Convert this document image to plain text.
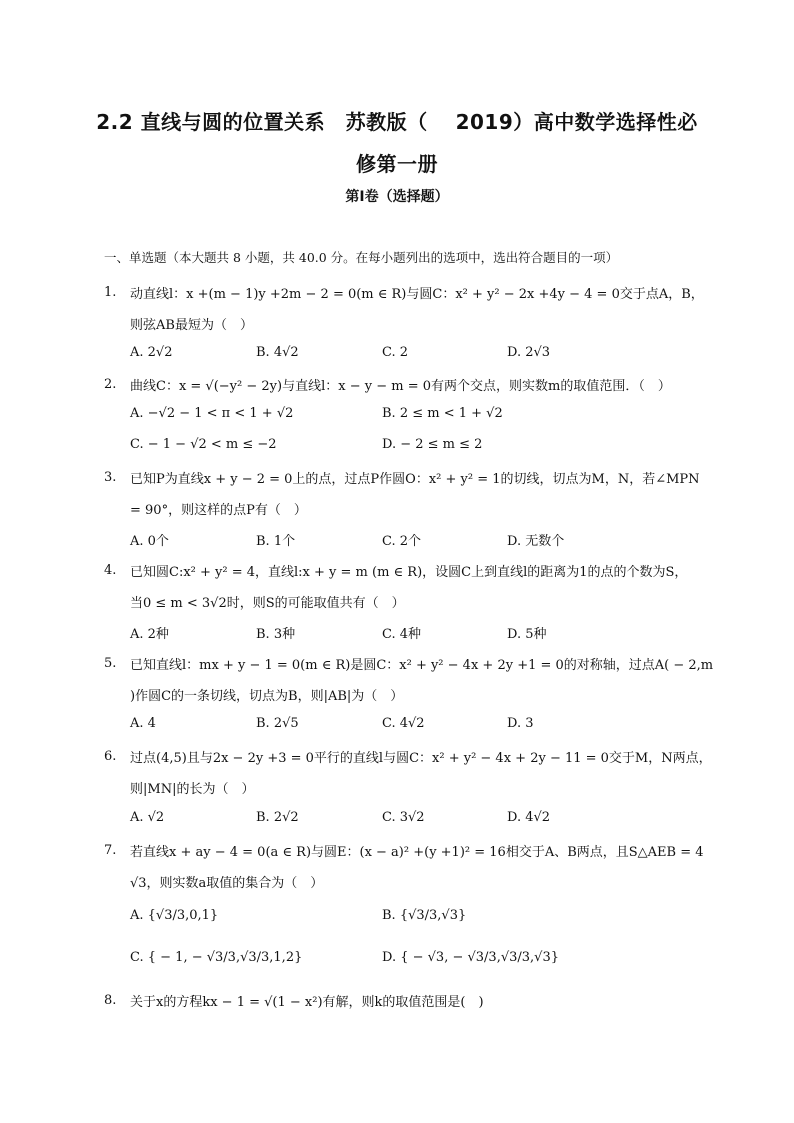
2.2 直线与圆的位置关系　苏教版（　 2019）高中数学选择性必
修第一册
第Ⅰ卷（选择题）
一、单选题（本大题共 8 小题，共 40.0 分。在每小题列出的选项中，选出符合题目的一项）
1. 动直线l：x +(m − 1)y +2m − 2 = 0(m ∈ R)与圆C：x² + y² − 2x +4y − 4 = 0交于点A，B，
则弦AB最短为（　）
A. 2√2	B. 4√2	C. 2	D. 2√3
2. 曲线C：x = √(−y² − 2y)与直线l：x − y − m = 0有两个交点，则实数m的取值范围．（　）
A. −√2 − 1 < π < 1 + √2	B. 2 ≤ m < 1 + √2
C. − 1 − √2 < m ≤ −2	D. − 2 ≤ m ≤ 2
3. 已知P为直线x + y − 2 = 0上的点，过点P作圆O：x² + y² = 1的切线，切点为M，N，若∠MPN
= 90°，则这样的点P有（　）
A. 0个	B. 1个	C. 2个	D. 无数个
4. 已知圆C:x² + y² = 4，直线l:x + y = m (m ∈ R)，设圆C上到直线l的距离为1的点的个数为S，
当0 ≤ m < 3√2时，则S的可能取值共有（　）
A. 2种	B. 3种	C. 4种	D. 5种
5. 已知直线l：mx + y − 1 = 0(m ∈ R)是圆C：x² + y² − 4x + 2y +1 = 0的对称轴，过点A( − 2,m
)作圆C的一条切线，切点为B，则|AB|为（　）
A. 4	B. 2√5	C. 4√2	D. 3
6. 过点(4,5)且与2x − 2y +3 = 0平行的直线l与圆C：x² + y² − 4x + 2y − 11 = 0交于M，N两点，
则|MN|的长为（　）
A. √2	B. 2√2	C. 3√2	D. 4√2
7. 若直线x + ay − 4 = 0(a ∈ R)与圆E：(x − a)² +(y +1)² = 16相交于A、B两点，且S△AEB = 4
√3，则实数a取值的集合为（　）
A. {√3/3,0,1}	B. {√3/3,√3}
C. { − 1, − √3/3,√3/3,1,2}	D. { − √3, − √3/3,√3/3,√3}
8. 关于x的方程kx − 1 = √(1 − x²)有解，则k的取值范围是(　)
